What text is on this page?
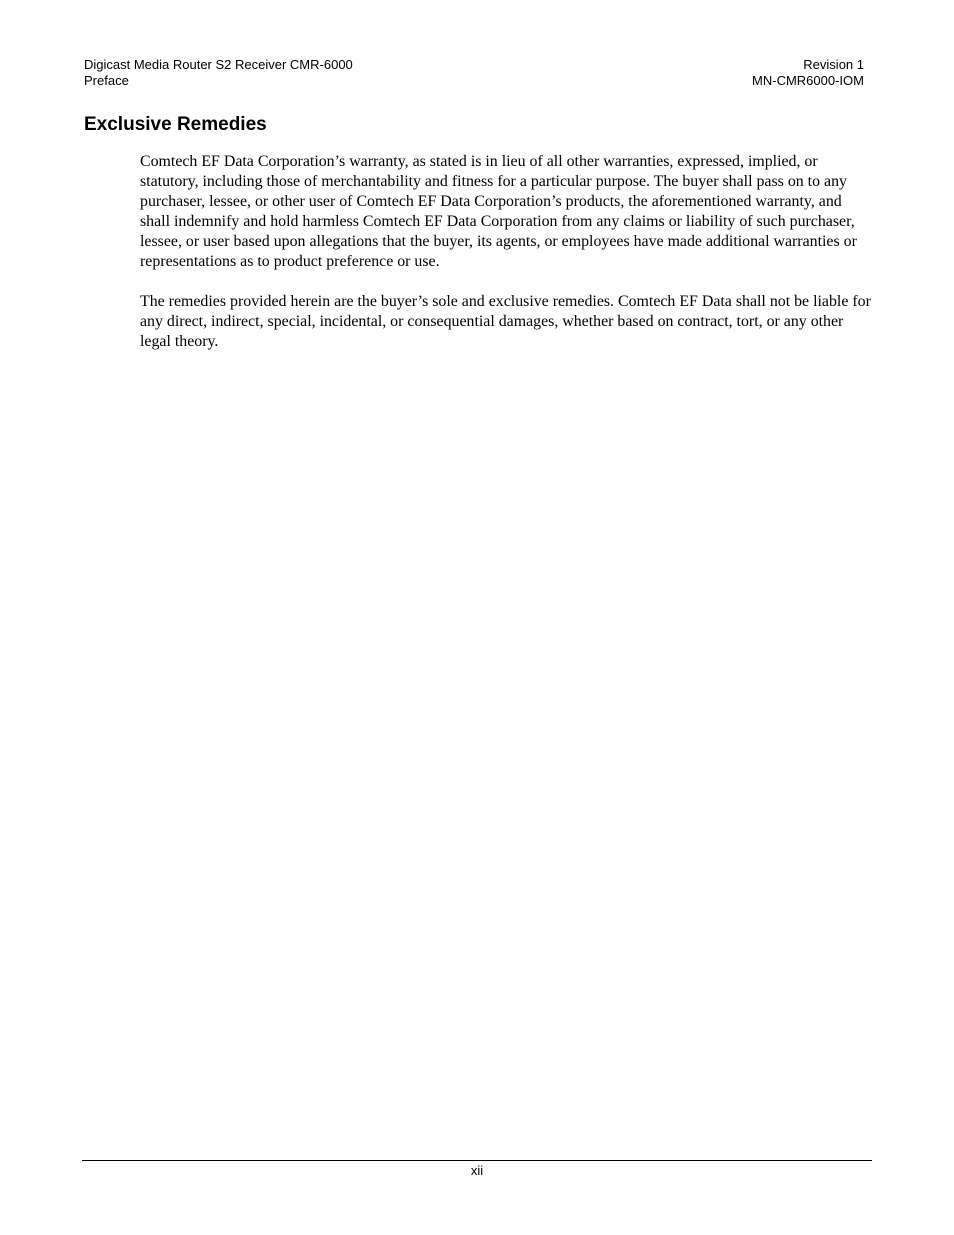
Digicast Media Router S2 Receiver CMR-6000	Revision 1
Preface	MN-CMR6000-IOM
Exclusive Remedies

Comtech EF Data Corporation’s warranty, as stated is in lieu of all other warranties, expressed, implied, or statutory, including those of merchantability and fitness for a particular purpose. The buyer shall pass on to any purchaser, lessee, or other user of Comtech EF Data Corporation’s products, the aforementioned warranty, and shall indemnify and hold harmless Comtech EF Data Corporation from any claims or liability of such purchaser, lessee, or user based upon allegations that the buyer, its agents, or employees have made additional warranties or representations as to product preference or use.

The remedies provided herein are the buyer’s sole and exclusive remedies. Comtech EF Data shall not be liable for any direct, indirect, special, incidental, or consequential damages, whether based on contract, tort, or any other legal theory.

xii
